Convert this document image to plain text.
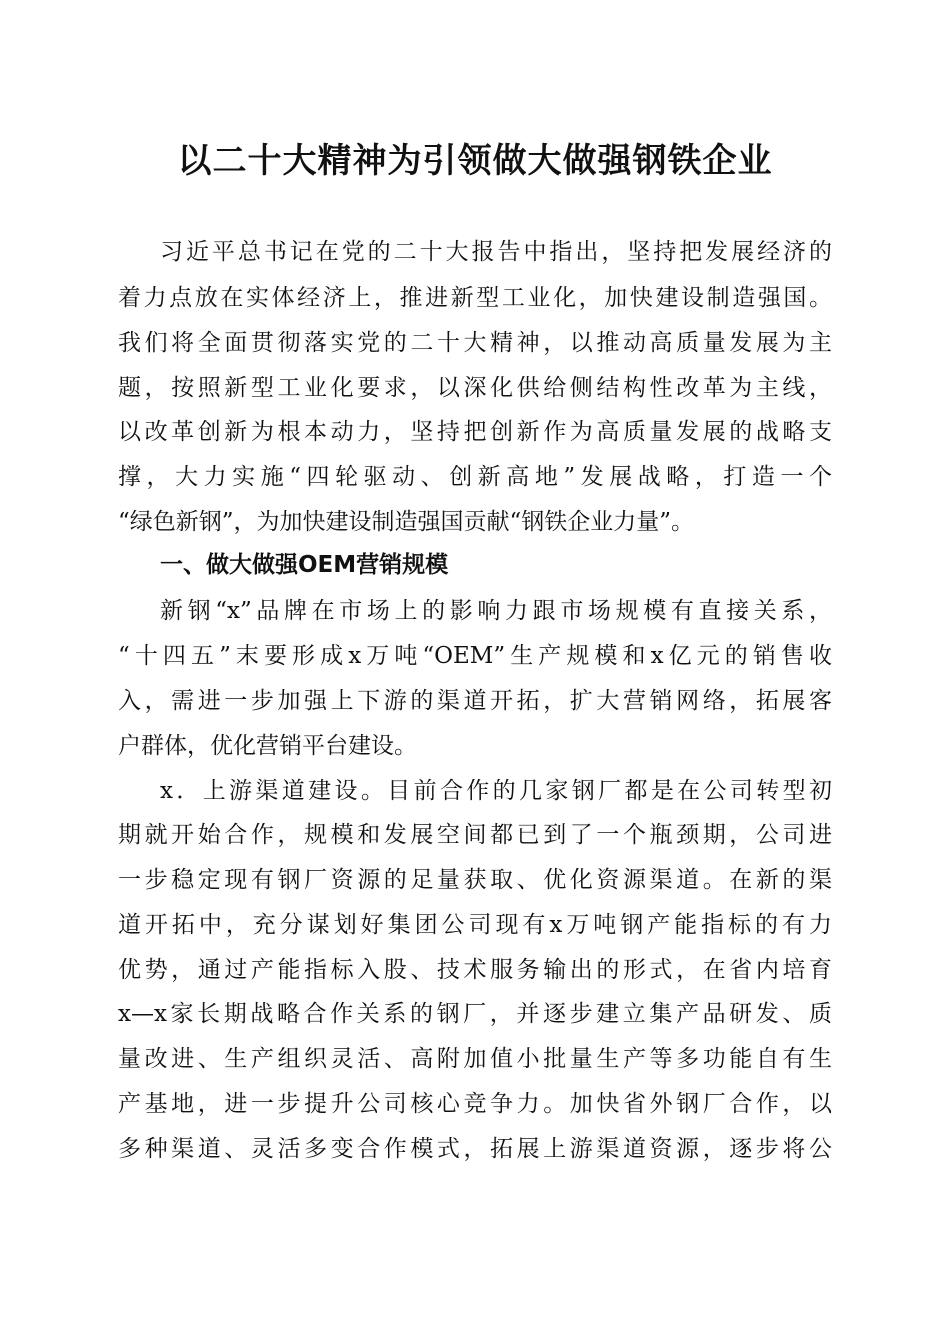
以二十大精神为引领做大做强钢铁企业
习近平总书记在党的二十大报告中指出，坚持把发展经济的
着力点放在实体经济上，推进新型工业化，加快建设制造强国。
我们将全面贯彻落实党的二十大精神，以推动高质量发展为主
题，按照新型工业化要求，以深化供给侧结构性改革为主线，
以改革创新为根本动力，坚持把创新作为高质量发展的战略支
撑，大力实施“四轮驱动、创新高地”发展战略，打造一个
“绿色新钢”，为加快建设制造强国贡献“钢铁企业力量”。
一、做大做强OEM营销规模
新钢“x”品牌在市场上的影响力跟市场规模有直接关系，
“十四五”末要形成x万吨“OEM”生产规模和x亿元的销售收
入，需进一步加强上下游的渠道开拓，扩大营销网络，拓展客
户群体，优化营销平台建设。
x．上游渠道建设。目前合作的几家钢厂都是在公司转型初
期就开始合作，规模和发展空间都已到了一个瓶颈期，公司进
一步稳定现有钢厂资源的足量获取、优化资源渠道。在新的渠
道开拓中，充分谋划好集团公司现有x万吨钢产能指标的有力
优势，通过产能指标入股、技术服务输出的形式，在省内培育
x—x家长期战略合作关系的钢厂，并逐步建立集产品研发、质
量改进、生产组织灵活、高附加值小批量生产等多功能自有生
产基地，进一步提升公司核心竞争力。加快省外钢厂合作，以
多种渠道、灵活多变合作模式，拓展上游渠道资源，逐步将公
